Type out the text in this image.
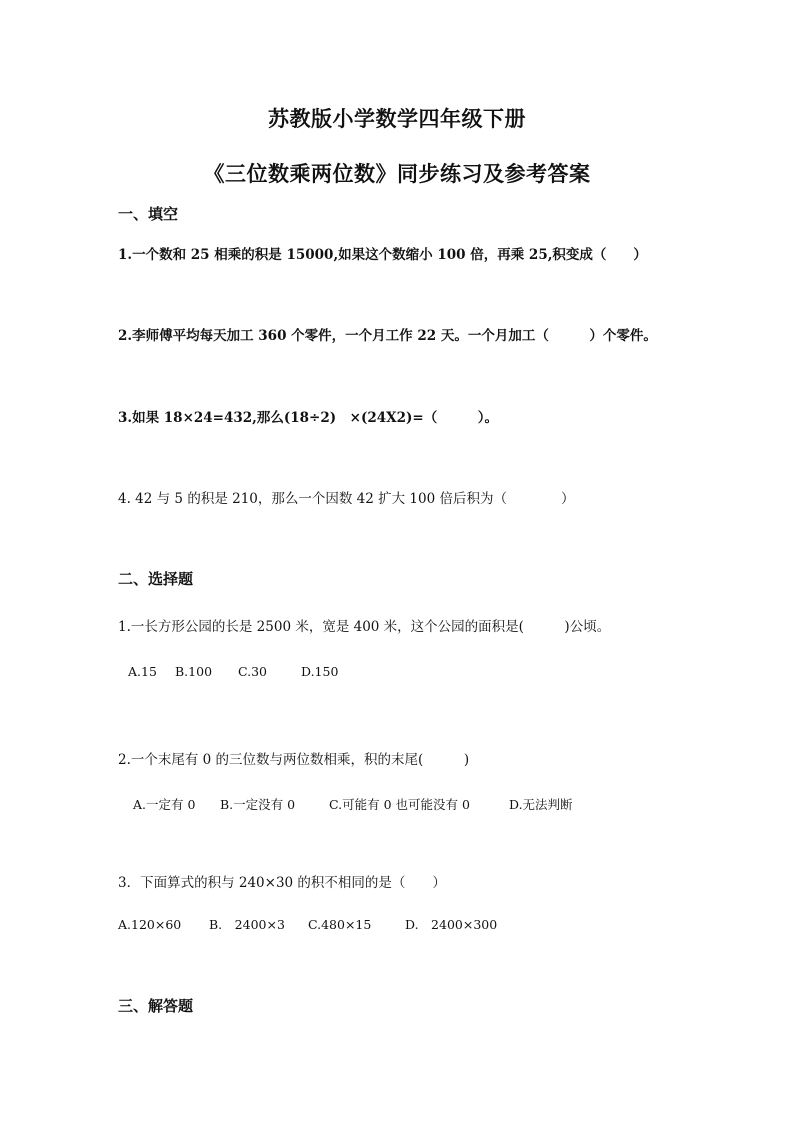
苏教版小学数学四年级下册
《三位数乘两位数》同步练习及参考答案
一、填空
1.一个数和 25 相乘的积是 15000,如果这个数缩小 100 倍，再乘 25,积变成（　　）
2.李师傅平均每天加工 360 个零件，一个月工作 22 天。一个月加工（　　　）个零件。
3.如果 18×24=432,那么(18÷2)　×(24X2)=（　　　）。
4. 42 与 5 的积是 210，那么一个因数 42 扩大 100 倍后积为（　　　　）
二、选择题
1.一长方形公园的长是 2500 米，宽是 400 米，这个公园的面积是(　　　)公顷。
A.15 B.100 C.30	D.150
2.一个末尾有 0 的三位数与两位数相乘，积的末尾(　　　)
A.一定有 0 B.一定没有 0	C.可能有 0 也可能没有 0	D.无法判断
3．下面算式的积与 240×30 的积不相同的是（　　）
A.120×60 B.　2400×3 C.480×15	D.　2400×300
三、解答题
